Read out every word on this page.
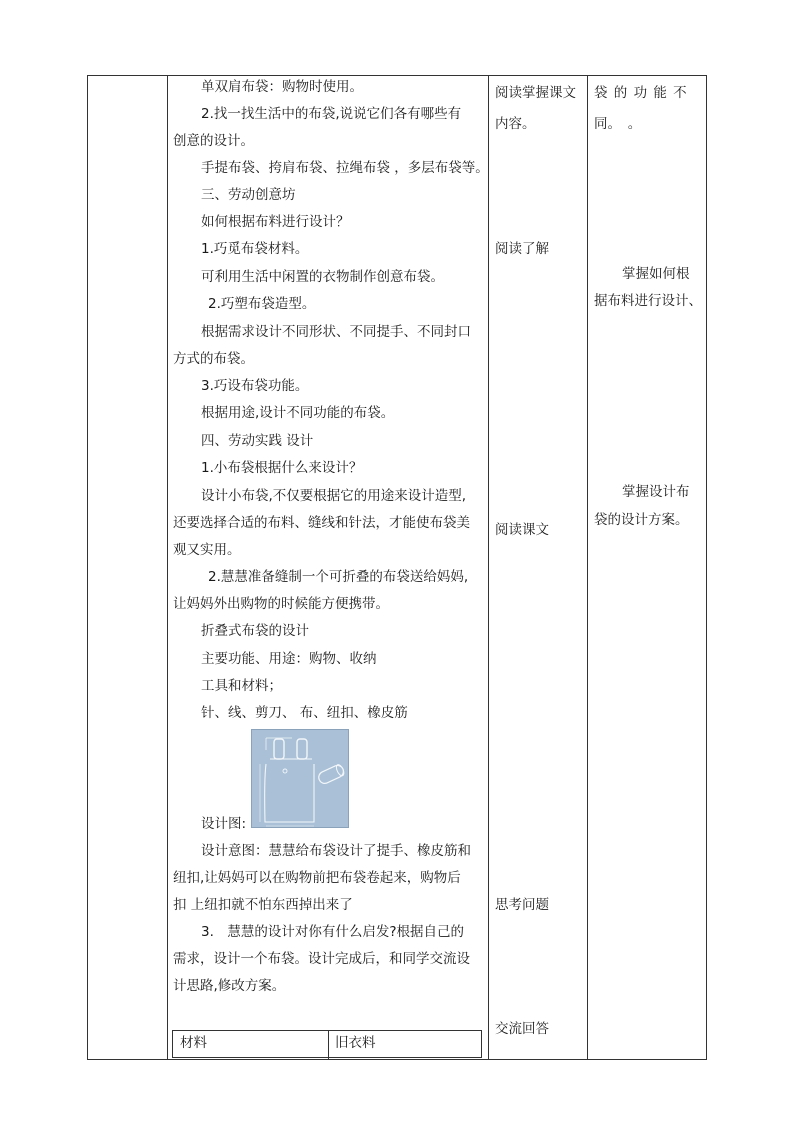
单双肩布袋：购物时使用。
2.找一找生活中的布袋,说说它们各有哪些有
创意的设计。
手提布袋、挎肩布袋、拉绳布袋 ，多层布袋等。
三、劳动创意坊
如何根据布料进行设计？
1.巧觅布袋材料。
可利用生活中闲置的衣物制作创意布袋。
2.巧塑布袋造型。
根据需求设计不同形状、不同提手、不同封口
方式的布袋。
3.巧设布袋功能。
根据用途,设计不同功能的布袋。
四、劳动实践 设计
1.小布袋根据什么来设计？
设计小布袋,不仅要根据它的用途来设计造型,
还要选择合适的布料、缝线和针法，才能使布袋美
观又实用。
2.慧慧准备缝制一个可折叠的布袋送给妈妈,
让妈妈外出购物的时候能方便携带。
折叠式布袋的设计
主要功能、用途：购物、收纳
工具和材料；
针、线、剪刀、 布、纽扣、橡皮筋
设计图:
设计意图：慧慧给布袋设计了提手、橡皮筋和
纽扣,让妈妈可以在购物前把布袋卷起来，购物后
扣 上纽扣就不怕东西掉出来了
3.　慧慧的设计对你有什么启发?根据自己的
需求，设计一个布袋。设计完成后，和同学交流设
计思路,修改方案。
材料	旧衣料
阅读掌握课文
内容。
阅读了解
阅读课文
思考问题
交流回答
袋 的 功 能 不
同。　。
掌握如何根
据布料进行设计、
掌握设计布
袋的设计方案。
